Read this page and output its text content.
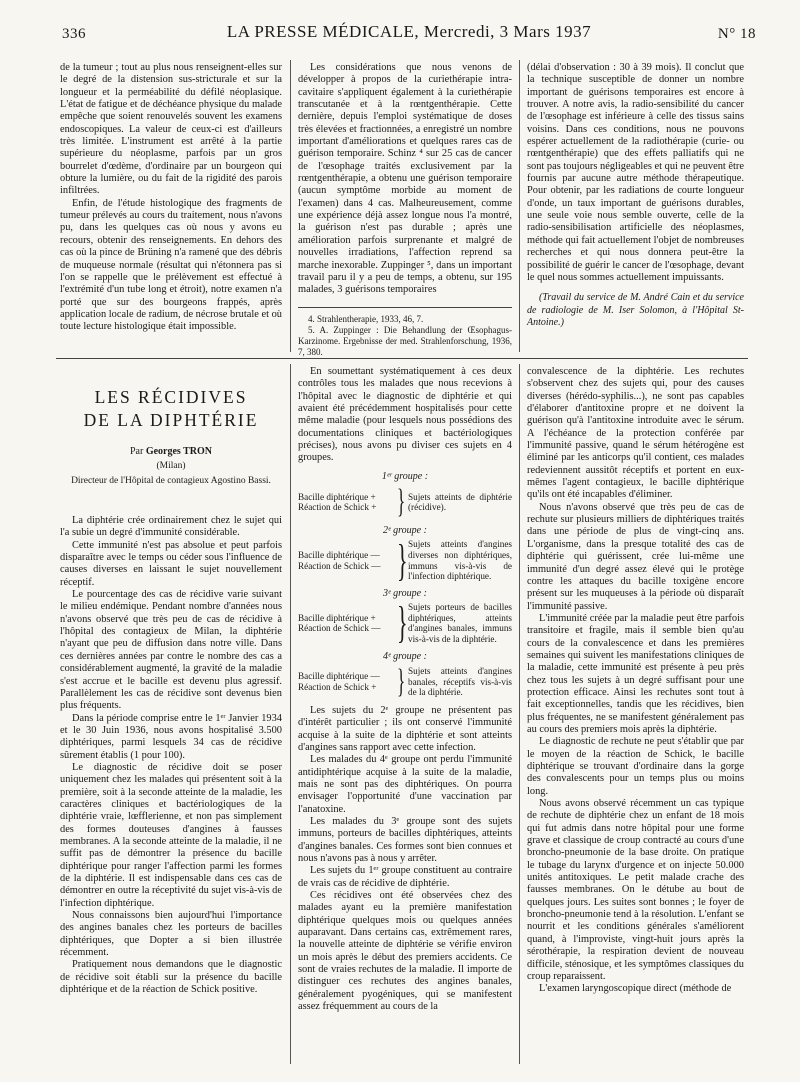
336	LA PRESSE MÉDICALE, Mercredi, 3 Mars 1937	N° 18

de la tumeur ; tout au plus nous renseignent-elles sur le degré de la distension sus-stricturale et sur la longueur et la perméabilité du défilé néoplasique. L'état de fatigue et de déchéance physique du malade empêche que soient renouvelés souvent les examens endoscopiques. La valeur de ceux-ci est d'ailleurs très limitée. L'instrument est arrêté à la partie supérieure du néoplasme, parfois par un gros bourrelet d'œdème, d'ordinaire par un bourgeon qui obture la lumière, ou du fait de la rigidité des parois infiltrées.

Enfin, de l'étude histologique des fragments de tumeur prélevés au cours du traitement, nous n'avons pu, dans les quelques cas où nous y avons eu recours, obtenir des renseignements. En dehors des cas où la pince de Brüning n'a ramené que des débris de muqueuse normale (résultat qui n'étonnera pas si l'on se rappelle que le prélèvement est effectué à l'extrémité d'un tube long et étroit), notre examen n'a porté que sur des bourgeons frappés, après application locale de radium, de nécrose brutale et où toute lecture histologique était impossible.

Les considérations que nous venons de développer à propos de la curiethérapie intra-cavitaire s'appliquent également à la curiethérapie transcutanée et à la rœntgenthérapie. Cette dernière, depuis l'emploi systématique de doses très élevées et fractionnées, a enregistré un nombre important d'améliorations et quelques rares cas de guérison temporaire. Schinz ⁴ sur 25 cas de cancer de l'œsophage traités exclusivement par la rœntgenthérapie, a obtenu une guérison temporaire (aucun symptôme morbide au moment de l'examen) dans 4 cas. Malheureusement, comme une expérience déjà assez longue nous l'a montré, la guérison n'est pas durable ; après une amélioration parfois surprenante et malgré de nouvelles irradiations, l'affection reprend sa marche inexorable. Zuppinger ⁵, dans un important travail paru il y a peu de temps, a obtenu, sur 195 malades, 3 guérisons temporaires

4. Strahlentherapie, 1933, 46, 7.

5. A. Zuppinger : Die Behandlung der Œsophagus-Karzinome. Ergebnisse der med. Strahlenforschung, 1936, 7, 380.

(délai d'observation : 30 à 39 mois). Il conclut que la technique susceptible de donner un nombre important de guérisons temporaires est encore à trouver. A notre avis, la radio-sensibilité du cancer de l'œsophage est inférieure à celle des tissus sains voisins. Dans ces conditions, nous ne pouvons espérer actuellement de la radiothérapie (curie- ou rœntgenthérapie) que des effets palliatifs qui ne sont pas toujours négligeables et qui ne peuvent être fournis par aucune autre méthode thérapeutique. Pour obtenir, par les radiations de courte longueur d'onde, un taux important de guérisons durables, une seule voie nous semble ouverte, celle de la radio-sensibilisation artificielle des néoplasmes, méthode qui fait actuellement l'objet de nombreuses recherches et qui nous donnera peut-être la possibilité de guérir le cancer de l'œsophage, devant le quel nous sommes actuellement impuissants.

(Travail du service de M. André Cain et du service de radiologie de M. Iser Solomon, à l'Hôpital St-Antoine.)

LES RÉCIDIVES
DE LA DIPHTÉRIE
Par Georges TRON
(Milan)
Directeur de l'Hôpital de contagieux Agostino Bassi.

La diphtérie crée ordinairement chez le sujet qui l'a subie un degré d'immunité considérable.

Cette immunité n'est pas absolue et peut parfois disparaître avec le temps ou céder sous l'influence de causes diverses en laissant le sujet nouvellement réceptif.

Le pourcentage des cas de récidive varie suivant le milieu endémique. Pendant nombre d'années nous n'avons observé que très peu de cas de récidive à l'hôpital des contagieux de Milan, la diphtérie n'ayant que peu de diffusion dans notre ville. Dans ces dernières années par contre le nombre des cas a considérablement augmenté, la gravité de la maladie s'est accrue et le bacille est devenu plus agressif. Parallèlement les cas de récidive sont devenus bien plus fréquents.

Dans la période comprise entre le 1ᵉʳ Janvier 1934 et le 30 Juin 1936, nous avons hospitalisé 3.500 diphtériques, parmi lesquels 34 cas de récidive sûrement établis (1 pour 100).

Le diagnostic de récidive doit se poser uniquement chez les malades qui présentent soit à la première, soit à la seconde atteinte de la maladie, les caractères cliniques et bactériologiques de la diphtérie vraie, lœfflerienne, et non pas simplement des formes douteuses d'angines à fausses membranes. A la seconde atteinte de la maladie, il ne suffit pas de démontrer la présence du bacille diphtérique pour ranger l'affection parmi les formes de la diphtérie. Il est indispensable dans ces cas de démontrer en outre la réceptivité du sujet vis-à-vis de l'infection diphtérique.

Nous connaissons bien aujourd'hui l'importance des angines banales chez les porteurs de bacilles diphtériques, que Dopter a si bien illustrée récemment.

Pratiquement nous demandons que le diagnostic de récidive soit établi sur la présence du bacille diphtérique et de la réaction de Schick positive.

En soumettant systématiquement à ces deux contrôles tous les malades que nous recevions à l'hôpital avec le diagnostic de diphtérie et qui avaient été précédemment hospitalisés pour cette même maladie (pour lesquels nous possédions des documentations cliniques et bactériologiques précises), nous avons pu diviser ces sujets en 4 groupes.

1ᵉʳ groupe :
Bacille diphtérique +
Réaction de Schick + } Sujets atteints de diphtérie (récidive).
2ᵉ groupe :
Bacille diphtérique —
Réaction de Schick — } Sujets atteints d'angines diverses non diphtériques, immuns vis-à-vis de l'infection diphtérique.
3ᵉ groupe :
Bacille diphtérique +
Réaction de Schick — } Sujets porteurs de bacilles diphtériques, atteints d'angines banales, immuns vis-à-vis de la diphtérie.
4ᵉ groupe :
Bacille diphtérique —
Réaction de Schick + } Sujets atteints d'angines banales, réceptifs vis-à-vis de la diphtérie.

Les sujets du 2ᵉ groupe ne présentent pas d'intérêt particulier ; ils ont conservé l'immunité acquise à la suite de la diphtérie et sont atteints d'angines sans rapport avec cette infection.

Les malades du 4ᵉ groupe ont perdu l'immunité antidiphtérique acquise à la suite de la maladie, mais ne sont pas des diphtériques. On pourra envisager l'opportunité d'une vaccination par l'anatoxine.

Les malades du 3ᵉ groupe sont des sujets immuns, porteurs de bacilles diphtériques, atteints d'angines banales. Ces formes sont bien connues et nous n'avons pas à nous y arrêter.

Les sujets du 1ᵉʳ groupe constituent au contraire de vrais cas de récidive de diphtérie.

Ces récidives ont été observées chez des malades ayant eu la première manifestation diphtérique quelques mois ou quelques années auparavant. Dans certains cas, extrêmement rares, la nouvelle atteinte de diphtérie se vérifie environ un mois après le début des premiers accidents. Ce sont de vraies rechutes de la maladie. Il importe de distinguer ces rechutes des angines banales, généralement pyogéniques, qui se manifestent assez fréquemment au cours de la

convalescence de la diphtérie. Les rechutes s'observent chez des sujets qui, pour des causes diverses (hérédo-syphilis...), ne sont pas capables d'élaborer d'antitoxine propre et ne doivent la guérison qu'à l'antitoxine introduite avec le sérum. A l'échéance de la protection conférée par l'immunité passive, quand le sérum hétérogène est éliminé par les anticorps qu'il contient, ces malades redeviennent aussitôt réceptifs et portent en eux-mêmes l'agent contagieux, le bacille diphtérique qu'ils ont été incapables d'éliminer.

Nous n'avons observé que très peu de cas de rechute sur plusieurs milliers de diphtériques traités dans une période de plus de vingt-cinq ans. L'organisme, dans la presque totalité des cas de diphtérie qui guérissent, crée lui-même une immunité d'un degré assez élevé qui le protège contre les attaques du bacille toxigène encore présent sur les muqueuses à la période où disparaît l'immunité passive.

L'immunité créée par la maladie peut être parfois transitoire et fragile, mais il semble bien qu'au cours de la convalescence et dans les premières semaines qui suivent les manifestations cliniques de la maladie, cette immunité est présente à peu près chez tous les sujets à un degré suffisant pour une protection efficace. Ainsi les rechutes sont tout à fait exceptionnelles, tandis que les récidives, bien plus fréquentes, ne se manifestent généralement pas au cours des premiers mois après la diphtérie.

Le diagnostic de rechute ne peut s'établir que par le moyen de la réaction de Schick, le bacille diphtérique se trouvant d'ordinaire dans la gorge des convalescents pour un temps plus ou moins long.

Nous avons observé récemment un cas typique de rechute de diphtérie chez un enfant de 18 mois qui fut admis dans notre hôpital pour une forme grave et classique de croup contracté au cours d'une broncho-pneumonie de la base droite. On pratique le tubage du larynx d'urgence et on injecte 50.000 unités antitoxiques. Le petit malade crache des fausses membranes. On le détube au bout de quelques jours. Les suites sont bonnes ; le foyer de broncho-pneumonie tend à la résolution. L'enfant se nourrit et les conditions générales s'améliorent quand, à l'improviste, vingt-huit jours après la sérothérapie, la respiration devient de nouveau difficile, sténosique, et les symptômes classiques du croup reparaissent.

L'examen laryngoscopique direct (méthode de
